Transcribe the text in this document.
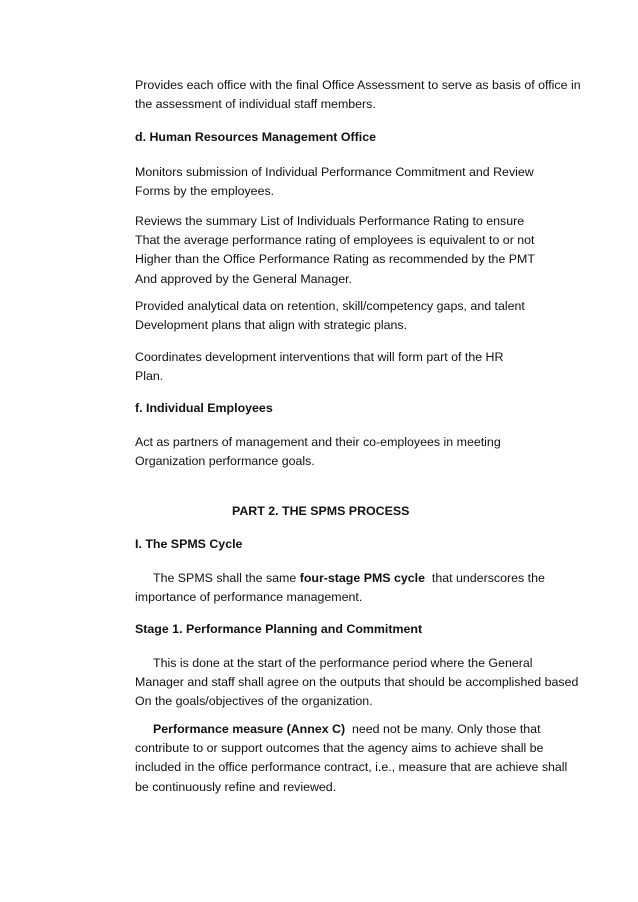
Provides each office with the final Office Assessment to serve as basis of office in
the assessment of individual staff members.

d. Human Resources Management Office

Monitors submission of Individual Performance Commitment and Review
Forms by the employees.

Reviews the summary List of Individuals Performance Rating to ensure
That the average performance rating of employees is equivalent to or not
Higher than the Office Performance Rating as recommended by the PMT
And approved by the General Manager.

Provided analytical data on retention, skill/competency gaps, and talent
Development plans that align with strategic plans.

Coordinates development interventions that will form part of the HR
Plan.

f. Individual Employees

Act as partners of management and their co-employees in meeting
Organization performance goals.

PART 2. THE SPMS PROCESS

I. The SPMS Cycle

The SPMS shall the same four-stage PMS cycle  that underscores the
importance of performance management.

Stage 1. Performance Planning and Commitment

This is done at the start of the performance period where the General
Manager and staff shall agree on the outputs that should be accomplished based
On the goals/objectives of the organization.

Performance measure (Annex C)  need not be many. Only those that
contribute to or support outcomes that the agency aims to achieve shall be
included in the office performance contract, i.e., measure that are achieve shall
be continuously refine and reviewed.
